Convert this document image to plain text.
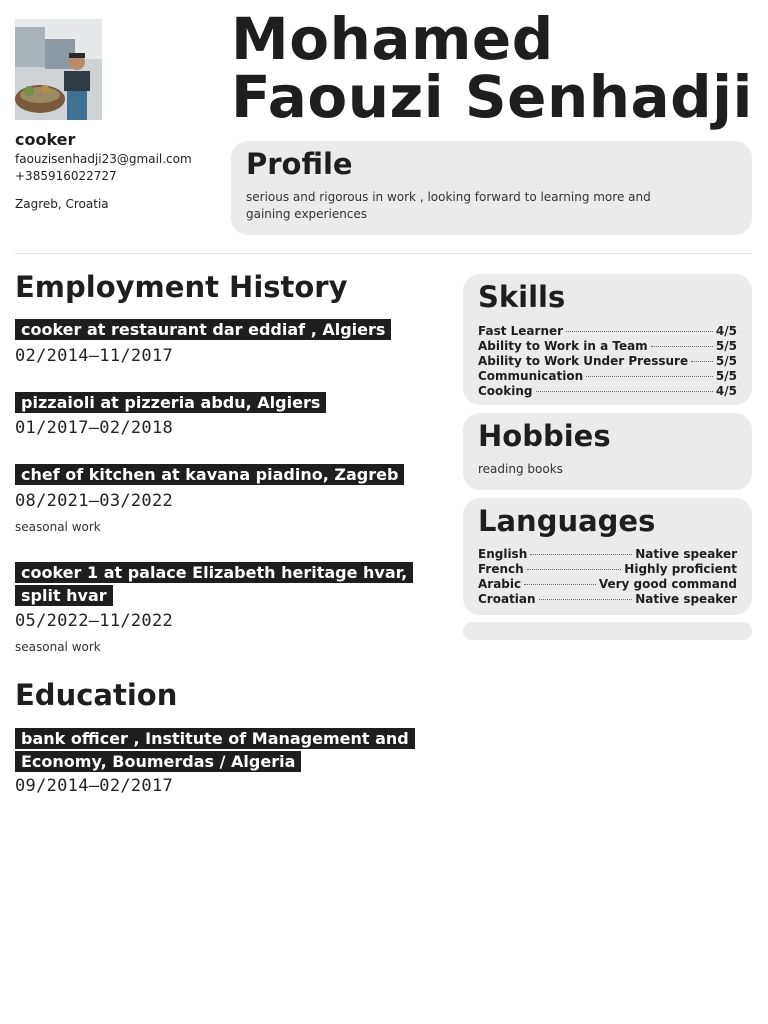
cooker
faouzisenhadji23@gmail.com
+385916022727
Zagreb, Croatia
Mohamed Faouzi Senhadji
Profile

serious and rigorous in work , looking forward to learning more and gaining experiences

Employment History
cooker at restaurant dar eddiaf , Algiers
02/2014—11/2017
pizzaioli at pizzeria abdu, Algiers
01/2017—02/2018
chef of kitchen at kavana piadino, Zagreb
08/2021—03/2022
seasonal work
cooker 1 at palace Elizabeth heritage hvar, split hvar
05/2022—11/2022
seasonal work
Education
bank officer , Institute of Management and Economy, Boumerdas / Algeria
09/2014—02/2017
Skills
Fast Learner	4/5
Ability to Work in a Team	5/5
Ability to Work Under Pressure 5/5
Communication	5/5
Cooking	4/5
Hobbies

reading books

Languages
English	Native speaker
French	Highly proficient
Arabic	Very good command
Croatian	Native speaker
